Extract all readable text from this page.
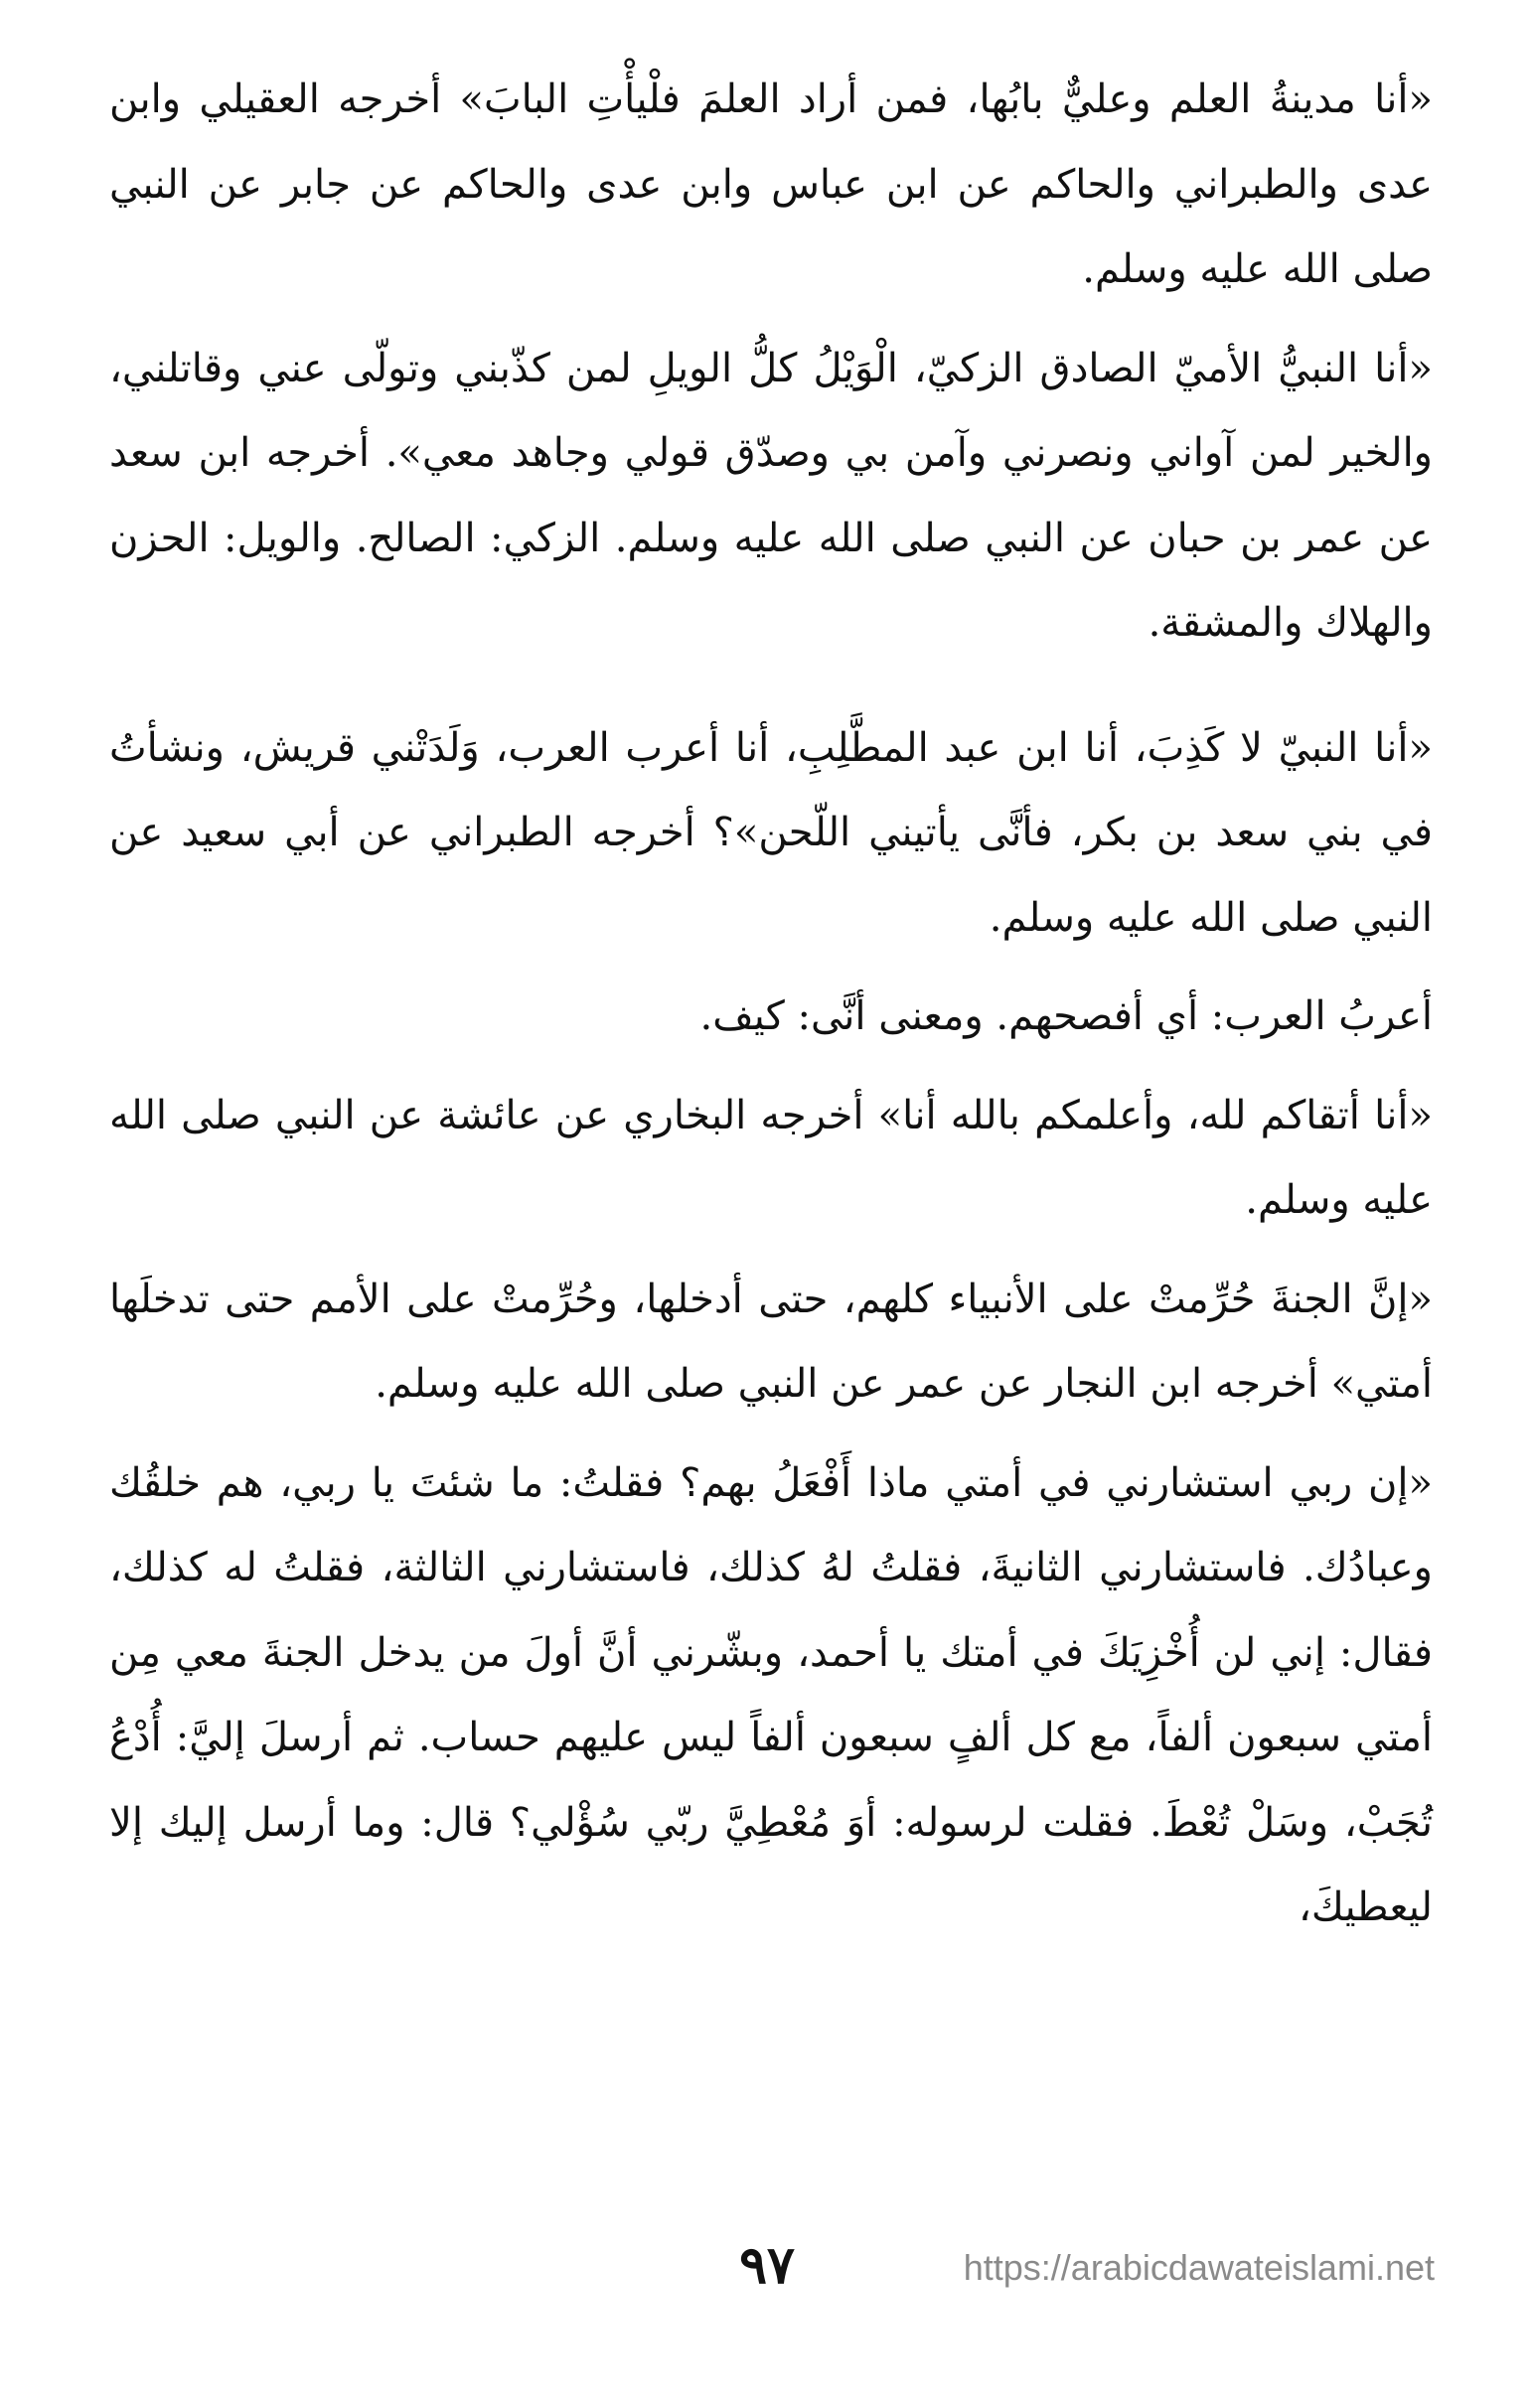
«أنا مدينةُ العلم وعليٌّ بابُها، فمن أراد العلمَ فلْيأْتِ البابَ» أخرجه العقيلي وابن عدى والطبراني والحاكم عن ابن عباس وابن عدى والحاكم عن جابر عن النبي صلى الله عليه وسلم.

«أنا النبيُّ الأميّ الصادق الزكيّ، الْوَيْلُ كلُّ الويلِ لمن كذّبني وتولّى عني وقاتلني، والخير لمن آواني ونصرني وآمن بي وصدّق قولي وجاهد معي». أخرجه ابن سعد عن عمر بن حبان عن النبي صلى الله عليه وسلم. الزكي: الصالح. والويل: الحزن والهلاك والمشقة.

«أنا النبيّ لا كَذِبَ، أنا ابن عبد المطَّلِبِ، أنا أعرب العرب، وَلَدَتْني قريش، ونشأتُ في بني سعد بن بكر، فأنَّى يأتيني اللّحن»؟ أخرجه الطبراني عن أبي سعيد عن النبي صلى الله عليه وسلم.

أعربُ العرب: أي أفصحهم. ومعنى أنَّى: كيف.

«أنا أتقاكم لله، وأعلمكم بالله أنا» أخرجه البخاري عن عائشة عن النبي صلى الله عليه وسلم.

«إنَّ الجنةَ حُرِّمتْ على الأنبياء كلهم، حتى أدخلها، وحُرِّمتْ على الأمم حتى تدخلَها أمتي» أخرجه ابن النجار عن عمر عن النبي صلى الله عليه وسلم.

«إن ربي استشارني في أمتي ماذا أَفْعَلُ بهم؟ فقلتُ: ما شئتَ يا ربي، هم خلقُك وعبادُك. فاستشارني الثانيةَ، فقلتُ لهُ كذلك، فاستشارني الثالثة، فقلتُ له كذلك، فقال: إني لن أُخْزِيَكَ في أمتك يا أحمد، وبشّرني أنَّ أولَ من يدخل الجنةَ معي مِن أمتي سبعون ألفاً، مع كل ألفٍ سبعون ألفاً ليس عليهم حساب. ثم أرسلَ إليَّ: أُدْعُ تُجَبْ، وسَلْ تُعْطَ. فقلت لرسوله: أوَ مُعْطِيَّ ربّي سُؤْلي؟ قال: وما أرسل إليك إلا ليعطيكَ،

٩٧	https://arabicdawateislami.net
